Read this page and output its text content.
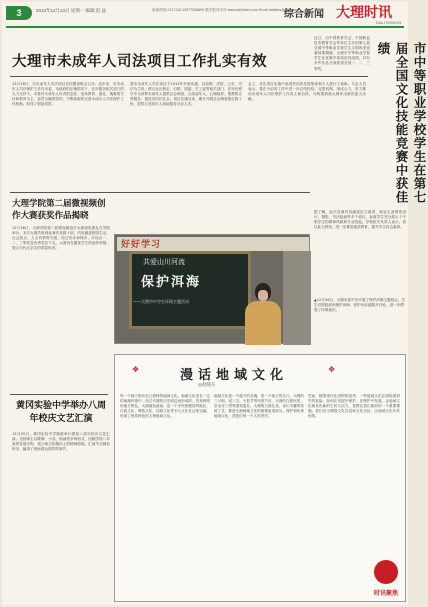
3	2013年12月23日 星期一 编辑:赵 晶	新闻热线:2127110 13577258899 数字报刊平台:www.dalishiso.com Email:dalisbw@163.com
综合新闻 大理时讯
DALI SHIXUN
大理市未成年人司法项目工作扎实有效
12月18日，市未成年人司法项目总结暨表彰会召开。近年来，市未成年人司法保护工作在市委、市政府的正确领导下，在市级各相关部门的大力支持下，本着对未成年人负责的态度，坚持教育、感化、挽救的方针和教育为主、惩罚为辅的原则，不断探索和完善未成年人司法保护工作机制，取得了明显成效。
我市未成年人司法项目于2012年开始实施，以检察、法院、公安、司法为主体，联合社区矫正、妇联、团委、关工委等相关部门，在诉讼程序中为涉罪未成年人提供社会调查、合适成年人、心理疏导、帮教矫正等服务，促进其回归社会。项目实施以来，累计开展社会调查报告数十份，提供合适成年人到场服务百余人次。
会上，对在项目实施中表现突出的先进集体和个人进行了表彰。与会人员表示，将在今后的工作中进一步总结经验，完善机制，形成合力，努力推动未成年人司法保护工作再上新台阶，为构建和谐大理作出新的更大贡献。
近日，由中国教育学会、中国职业技术教育学会等单位主办的第七届全国中等职业学校学生文明风采竞赛结果揭晓，大理市中等职业学校学生在竞赛中取得优异成绩，共有多件作品分别获得全国一、二、三等奖。	市中等职业学校学生在第七届全国文化技能竞赛中获佳绩
据了解，此次竞赛内容涵盖征文演讲、职业生涯规划设计、摄影、书法绘画等多个项目，参赛学生充分展示了中职学生的精神风貌和专业技能。学校相关负责人表示，将以此为契机，进一步推进素质教育，提升学生综合素养。
大理学院第二届微视频创作大赛获奖作品揭晓
12月18日，大理学院第二届微视频创作大赛颁奖典礼在学院举行。本次大赛共收到参赛作品数十部，内容涵盖校园生活、社会热点、人文风情等方面。经过初评和终评，评选出一、二、三等奖及优秀奖若干名。大赛旨在激发学生的创作热情，展示当代大学生的青春风采。	好好学习
共爱山川河流
保护洱海
——大理市中学生环保主题活动	▲12月16日，大理市某中学开展了保护洱海主题班会。学生们围绕如何保护洱海、爱护母亲湖展开讨论，进一步增强了环保意识。
黄冈实验中学举办八周年校庆文艺汇演
12月20日，黄冈实验中学隆重举行建校八周年校庆文艺汇演。全校师生以歌舞、小品、朗诵等多种形式，回顾学校八年来的发展历程，展示师生积极向上的精神面貌。汇演节目精彩纷呈，赢得了现场观众的阵阵掌声。
❖	❖
漫话地域文化
◎赵晓东
每一个地方都有自己独特的地域文化。地域文化是在一定的地理环境中，经过长期的历史积淀而形成的，具有鲜明的地方特色。大理地处滇西，是一个多民族聚居的地区，白族文化、彝族文化、回族文化等多元文化在这里交融，形成了独具特色的大理地域文化。
地域文化是一个地方的灵魂，是一个地方的名片。大理的三月街、绕三灵、火把节等民族节庆，大理的白族民居、崇圣寺三塔等建筑遗存，大理的白族扎染、剑川木雕等传统工艺，都是大理地域文化的重要组成部分。保护和传承地域文化，是我们每一个人的责任。
然而，随着现代化进程的加快，一些地域文化正面临着消失的危险。如何在发展中保护，在保护中发展，让地域文化焕发出新的生机与活力，是摆在我们面前的一个重要课题。我们应当增强文化自觉和文化自信，让地域文化代代相传。
时讯聚焦
